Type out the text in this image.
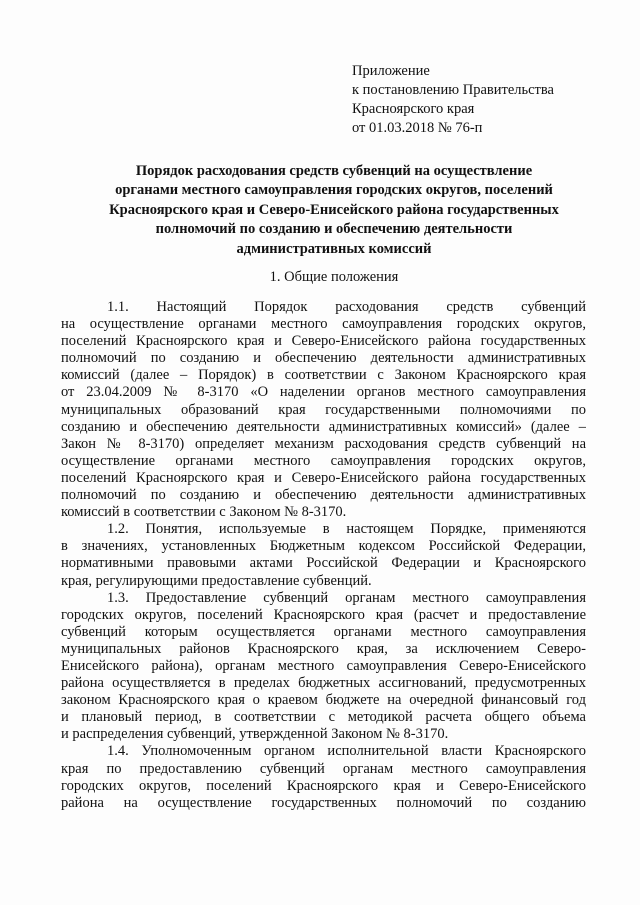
Приложение
к постановлению Правительства
Красноярского края
от 01.03.2018 № 76-п
Порядок расходования средств субвенций на осуществление
органами местного самоуправления городских округов, поселений
Красноярского края и Северо-Енисейского района государственных
полномочий по созданию и обеспечению деятельности
административных комиссий
1. Общие положения
1.1. Настоящий Порядок расходования средств субвенций
на осуществление органами местного самоуправления городских округов,
поселений Красноярского края и Северо-Енисейского района государственных
полномочий по созданию и обеспечению деятельности административных
комиссий (далее – Порядок) в соответствии с Законом Красноярского края
от 23.04.2009 № 8-3170 «О наделении органов местного самоуправления
муниципальных образований края государственными полномочиями по
созданию и обеспечению деятельности административных комиссий» (далее –
Закон № 8-3170) определяет механизм расходования средств субвенций на
осуществление органами местного самоуправления городских округов,
поселений Красноярского края и Северо-Енисейского района государственных
полномочий по созданию и обеспечению деятельности административных
комиссий в соответствии с Законом № 8-3170.
1.2. Понятия, используемые в настоящем Порядке, применяются
в значениях, установленных Бюджетным кодексом Российской Федерации,
нормативными правовыми актами Российской Федерации и Красноярского
края, регулирующими предоставление субвенций.
1.3. Предоставление субвенций органам местного самоуправления
городских округов, поселений Красноярского края (расчет и предоставление
субвенций которым осуществляется органами местного самоуправления
муниципальных районов Красноярского края, за исключением Северо-
Енисейского района), органам местного самоуправления Северо-Енисейского
района осуществляется в пределах бюджетных ассигнований, предусмотренных
законом Красноярского края о краевом бюджете на очередной финансовый год
и плановый период, в соответствии с методикой расчета общего объема
и распределения субвенций, утвержденной Законом № 8-3170.
1.4. Уполномоченным органом исполнительной власти Красноярского
края по предоставлению субвенций органам местного самоуправления
городских округов, поселений Красноярского края и Северо-Енисейского
района на осуществление государственных полномочий по созданию
